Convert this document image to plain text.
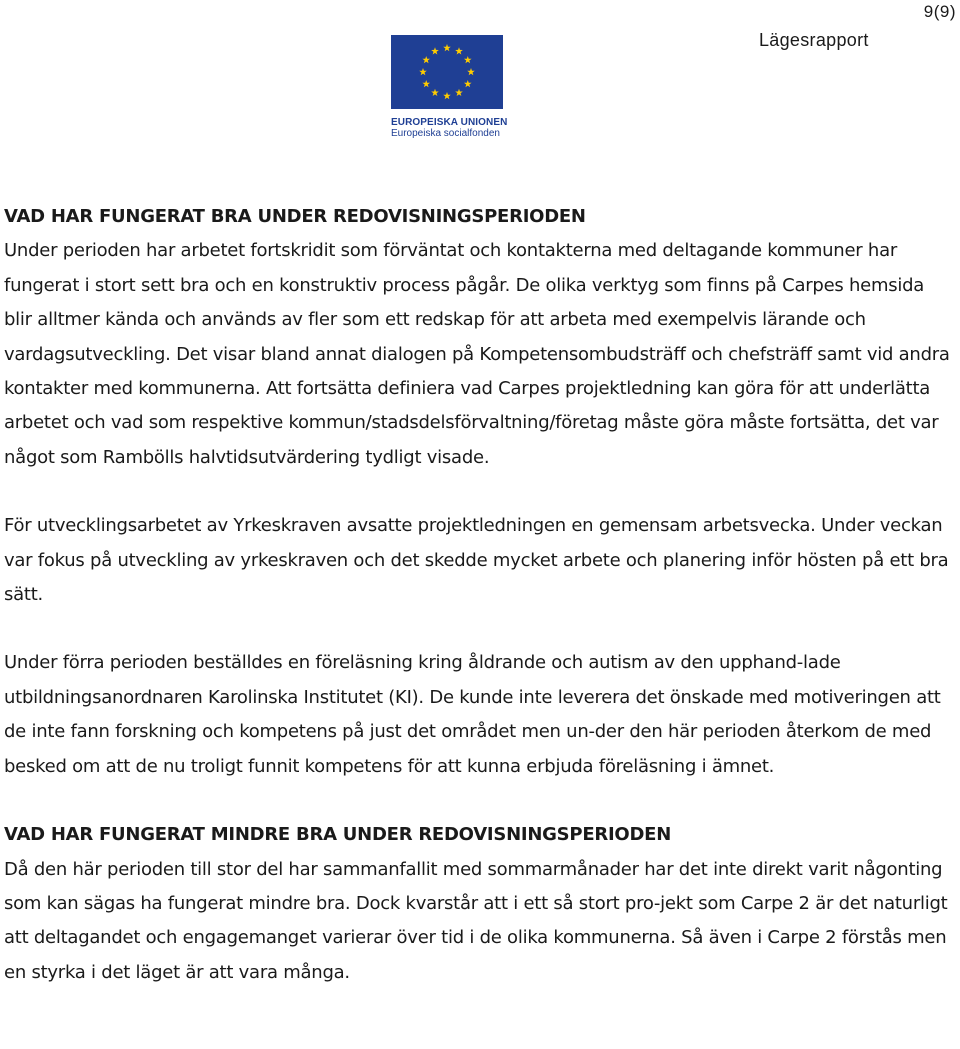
9(9)
Lägesrapport
EUROPEISKA UNIONEN
Europeiska socialfonden

VAD HAR FUNGERAT BRA UNDER REDOVISNINGSPERIODEN

Under perioden har arbetet fortskridit som förväntat och kontakterna med deltagande kommuner har fungerat i stort sett bra och en konstruktiv process pågår. De olika verktyg som finns på Carpes hemsida blir alltmer kända och används av fler som ett redskap för att arbeta med exempelvis lärande och vardagsutveckling. Det visar bland annat dialogen på Kompetensombudsträff och chefsträff samt vid andra kontakter med kommunerna. Att fortsätta definiera vad Carpes projektledning kan göra för att underlätta arbetet och vad som respektive kommun/stadsdelsförvaltning/företag måste göra måste fortsätta, det var något som Rambölls halvtidsutvärdering tydligt visade.

För utvecklingsarbetet av Yrkeskraven avsatte projektledningen en gemensam arbetsvecka. Under veckan var fokus på utveckling av yrkeskraven och det skedde mycket arbete och planering inför hösten på ett bra sätt.

Under förra perioden beställdes en föreläsning kring åldrande och autism av den upphand-lade utbildningsanordnaren Karolinska Institutet (KI). De kunde inte leverera det önskade med motiveringen att de inte fann forskning och kompetens på just det området men un-der den här perioden återkom de med besked om att de nu troligt funnit kompetens för att kunna erbjuda föreläsning i ämnet.

VAD HAR FUNGERAT MINDRE BRA UNDER REDOVISNINGSPERIODEN

Då den här perioden till stor del har sammanfallit med sommarmånader har det inte direkt varit någonting som kan sägas ha fungerat mindre bra. Dock kvarstår att i ett så stort pro-jekt som Carpe 2 är det naturligt att deltagandet och engagemanget varierar över tid i de olika kommunerna. Så även i Carpe 2 förstås men en styrka i det läget är att vara många.
